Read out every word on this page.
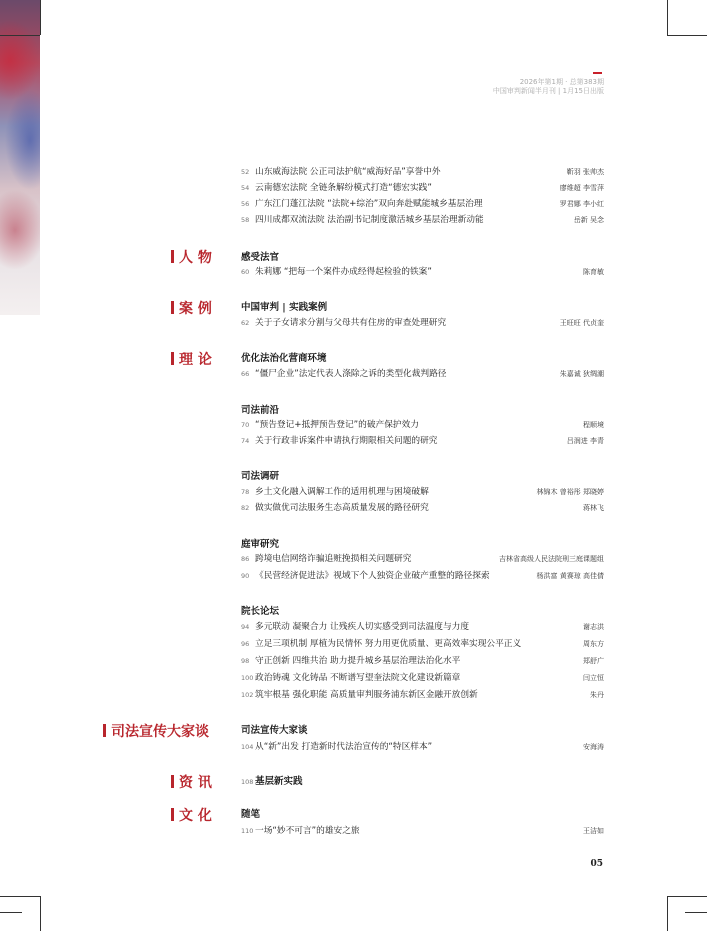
2026年第1期 · 总第383期
中国审判新闻半月刊 | 1月15日出版
人 物
案 例
理 论
司法宣传大家谈
资 讯
文 化
感受法官
中国审判 | 实践案例
优化法治化营商环境
司法前沿
司法调研
庭审研究
院长论坛
司法宣传大家谈
随笔
52 山东威海法院 公正司法护航“威海好品”享誉中外	靳羽 张帅杰
54 云南德宏法院 全链条解纷模式打造“德宏实践”	廖维超 李雪萍
56 广东江门蓬江法院 “法院+综治”双向奔赴赋能城乡基层治理	罗君娜 李小红
58 四川成都双流法院 法治副书记制度激活城乡基层治理新动能	岳新 吴念
60 朱莉娜 “把每一个案件办成经得起检验的铁案”	陈育敏
62 关于子女请求分割与父母共有住房的审查处理研究	王旺旺 代贞奎
66 “僵尸企业”法定代表人涤除之诉的类型化裁判路径	朱嘉诚 狄绸潮
70 “预告登记+抵押预告登记”的破产保护效力	程顺境
74 关于行政非诉案件申请执行期限相关问题的研究	吕润进 李青
78 乡土文化融入调解工作的适用机理与困境破解	林锦木 曾裕彤 郑晓婷
82 做实做优司法服务生态高质量发展的路径研究	蒋林飞
86 跨境电信网络诈骗追赃挽损相关问题研究	吉林省高级人民法院刑三庭课题组
90 《民营经济促进法》视域下个人独资企业破产重整的路径探索	杨洪富 黄赛琼 高佳倩
94 多元联动 凝聚合力 让残疾人切实感受到司法温度与力度	谢志洪
96 立足三项机制 厚植为民情怀 努力用更优质量、更高效率实现公平正义	周东方
98 守正创新 四维共治 助力提升城乡基层治理法治化水平	郑舒广
100 政治铸魂 文化铸品 不断谱写望奎法院文化建设新篇章	闫立恒
102 筑牢根基 强化职能 高质量审判服务浦东新区金融开放创新	朱丹
104 从“新”出发 打造新时代法治宣传的“特区样本”	安海涛
108 基层新实践
110 一场“妙不可言”的雄安之旅	王洁如
05
